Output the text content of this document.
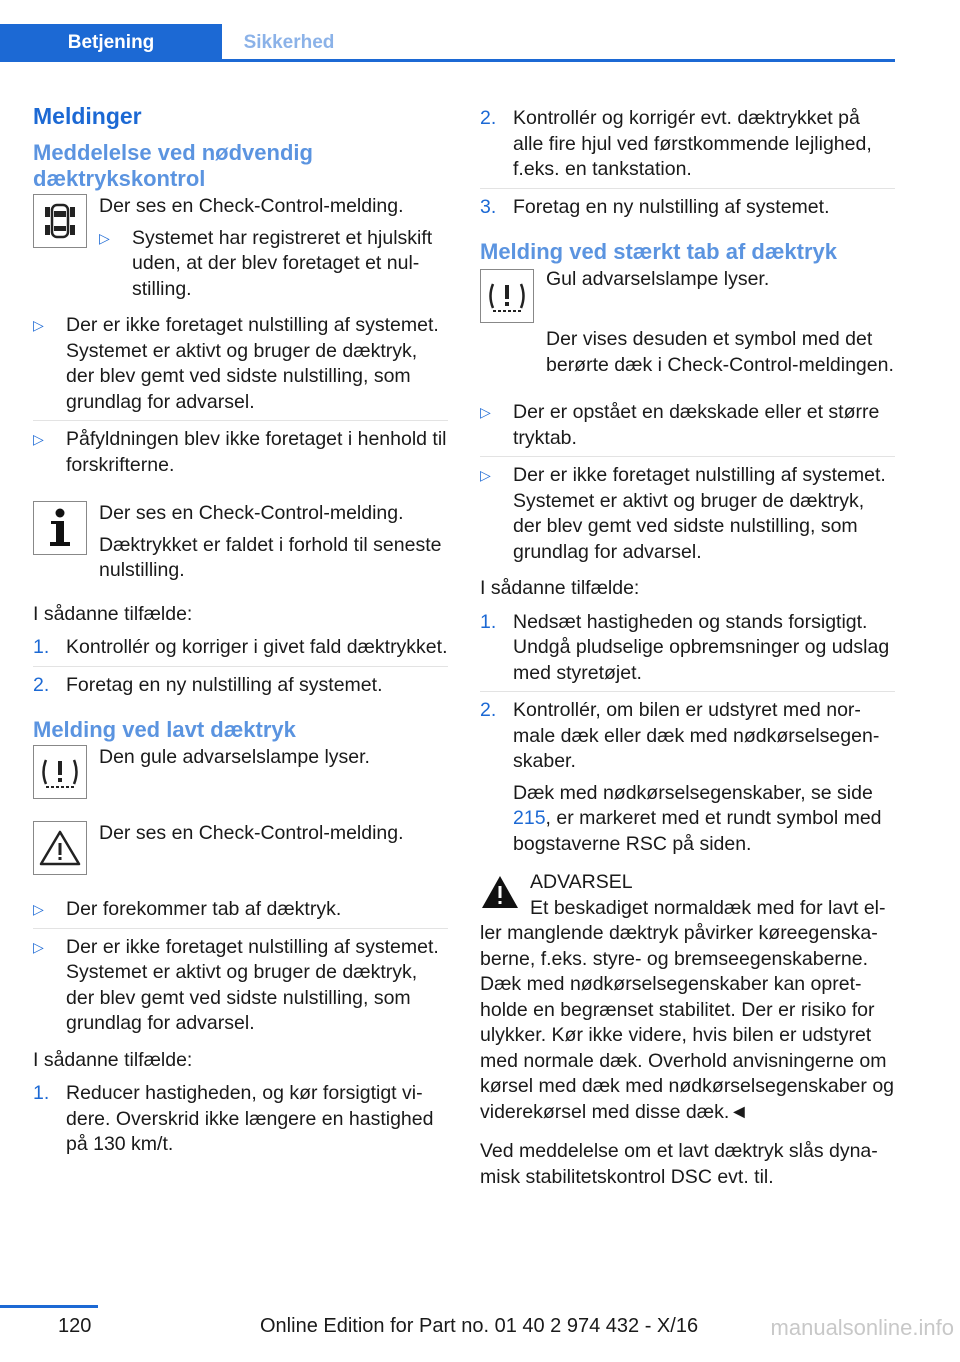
Betjening	Sikkerhed
Meldinger
Meddelelse ved nødvendig dæktrykskontrol

Der ses en Check-Control-melding.

▷ Systemet har registreret et hjulskift uden, at der blev foretaget et nulstilling.
▷ Der er ikke foretaget nulstilling af systemet. Systemet er aktivt og bruger de dæktryk, der blev gemt ved sidste nulstilling, som grundlag for advarsel.
▷ Påfyldningen blev ikke foretaget i henhold til forskrifterne.

Der ses en Check-Control-melding.

Dæktrykket er faldet i forhold til seneste nulstilling.

I sådanne tilfælde:

1. Kontrollér og korriger i givet fald dæktrykket.
2. Foretag en ny nulstilling af systemet.
Melding ved lavt dæktryk

Den gule advarselslampe lyser.

Der ses en Check-Control-melding.

▷ Der forekommer tab af dæktryk.
▷ Der er ikke foretaget nulstilling af systemet. Systemet er aktivt og bruger de dæktryk, der blev gemt ved sidste nulstilling, som grundlag for advarsel.

I sådanne tilfælde:

1. Reducer hastigheden, og kør forsigtigt videre. Overskrid ikke længere en hastighed på 130 km/t.
2. Kontrollér og korrigér evt. dæktrykket på alle fire hjul ved førstkommende lejlighed, f.eks. en tankstation.
3. Foretag en ny nulstilling af systemet.
Melding ved stærkt tab af dæktryk

Gul advarselslampe lyser.

Der vises desuden et symbol med det berørte dæk i Check-Control-meldingen.

▷ Der er opstået en dækskade eller et større tryktab.
▷ Der er ikke foretaget nulstilling af systemet. Systemet er aktivt og bruger de dæktryk, der blev gemt ved sidste nulstilling, som grundlag for advarsel.

I sådanne tilfælde:

1. Nedsæt hastigheden og stands forsigtigt. Undgå pludselige opbremsninger og udslag med styretøjet.
2. Kontrollér, om bilen er udstyret med normale dæk eller dæk med nødkørselsegenskaber.

Dæk med nødkørselsegenskaber, se side 215, er markeret med et rundt symbol med bogstaverne RSC på siden.

ADVARSEL

Et beskadiget normaldæk med for lavt eller manglende dæktryk påvirker køreegenskaberne, f.eks. styre- og bremseegenskaberne. Dæk med nødkørselsegenskaber kan opretholde en begrænset stabilitet. Der er risiko for ulykker. Kør ikke videre, hvis bilen er udstyret med normale dæk. Overhold anvisningerne om kørsel med dæk med nødkørselsegenskaber og viderekørsel med disse dæk.◄

Ved meddelelse om et lavt dæktryk slås dynamisk stabilitetskontrol DSC evt. til.

120	Online Edition for Part no. 01 40 2 974 432 - X/16	manualsonline.info
